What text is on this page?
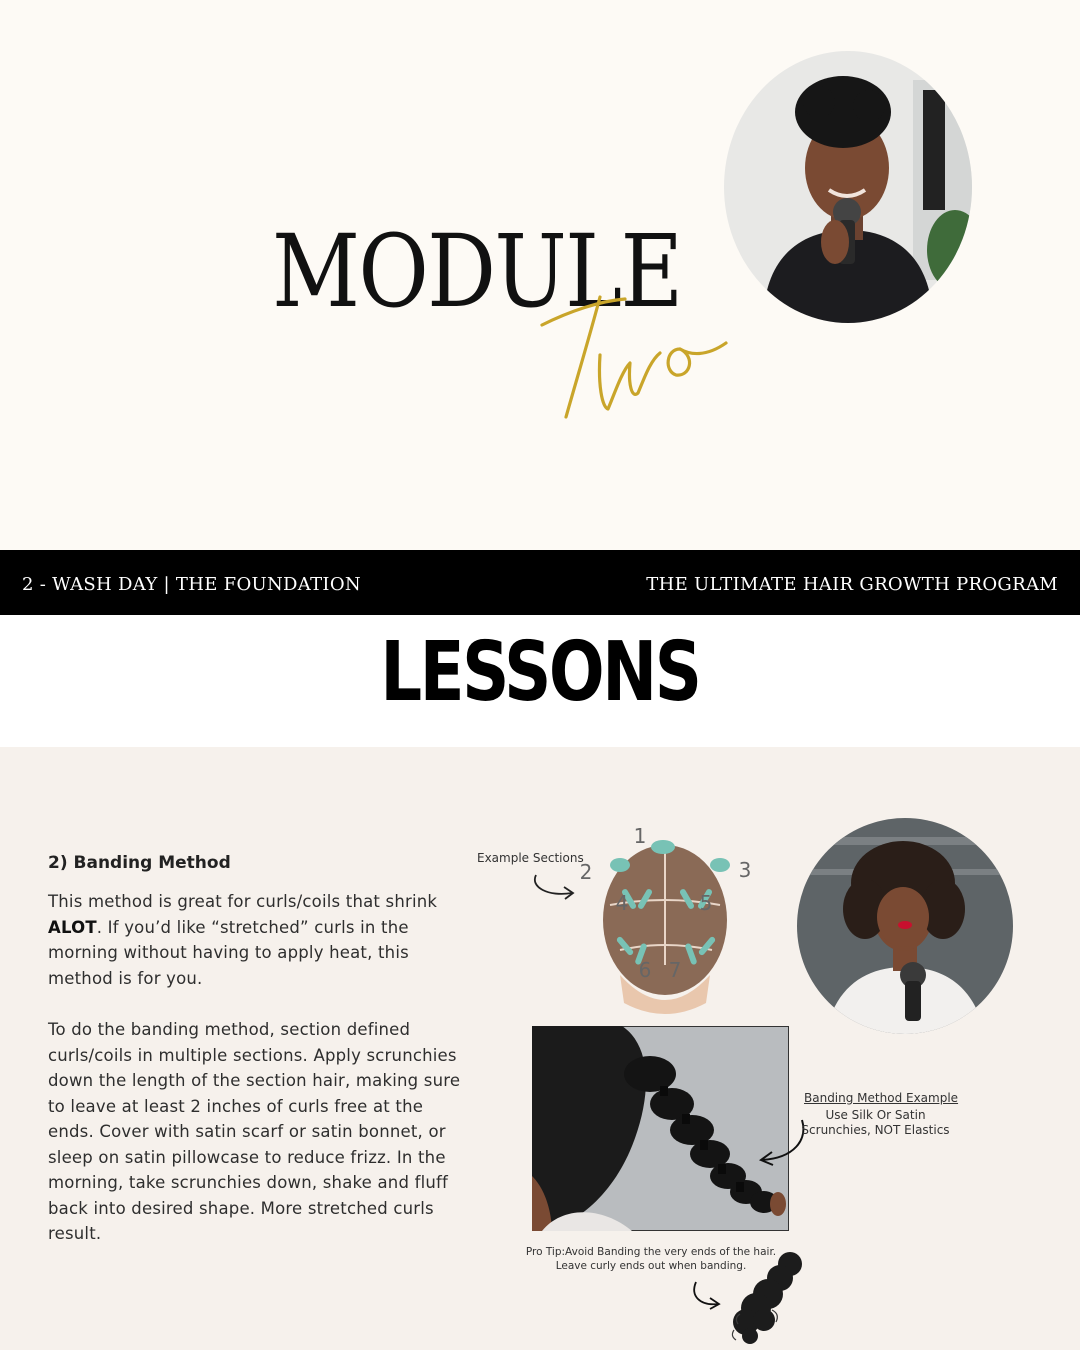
MODULE
2 - WASH DAY | THE FOUNDATION	THE ULTIMATE HAIR GROWTH PROGRAM
LESSONS
2) Banding Method

This method is great for curls/coils that shrink ALOT. If you’d like “stretched” curls in the morning without having to apply heat, this method is for you.

To do the banding method, section defined curls/coils in multiple sections. Apply scrunchies down the length of the section hair, making sure to leave at least 2 inches of curls free at the ends. Cover with satin scarf or satin bonnet, or sleep on satin pillowcase to reduce frizz. In the morning, take scrunchies down, shake and fluff back into desired shape. More stretched curls result.

1
2	3
4	5
6 7
Example Sections
Banding Method Example
Use Silk Or Satin Scrunchies, NOT Elastics
Pro Tip:Avoid Banding the very ends of the hair. Leave curly ends out when banding.
